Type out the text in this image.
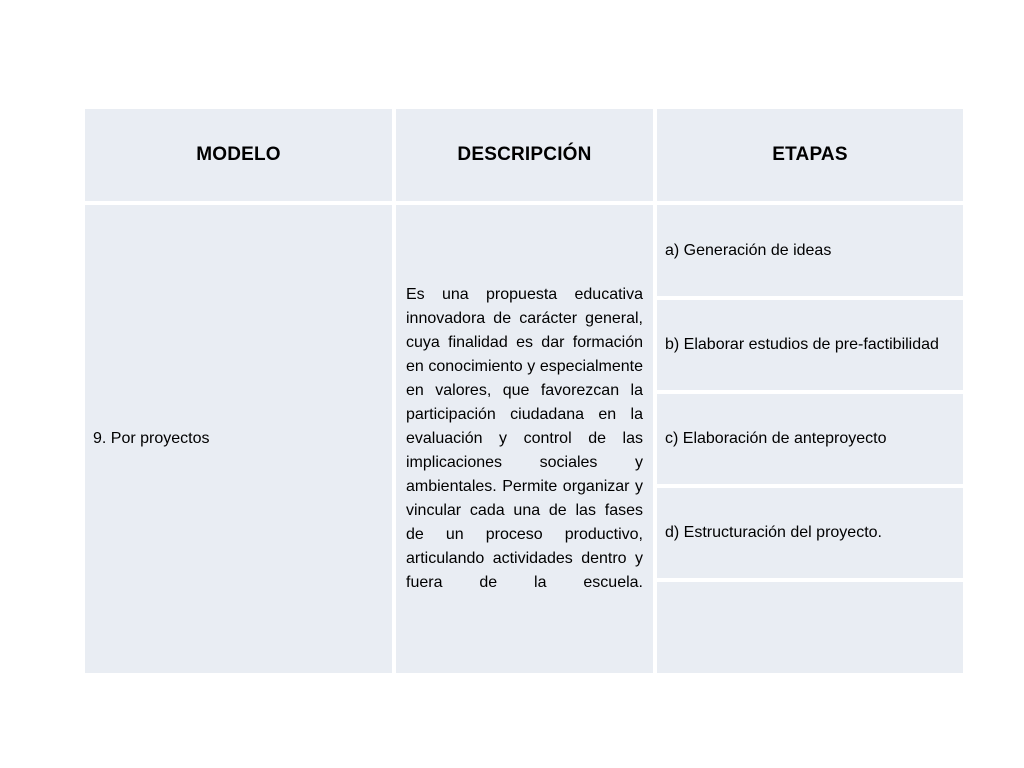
MODELO	DESCRIPCIÓN	ETAPAS
9. Por proyectos
Es una propuesta educativa innovadora de carácter general, cuya finalidad es dar formación en conocimiento y especialmente en valores, que favorezcan la participación ciudadana en la evaluación y control de las implicaciones sociales y ambientales. Permite organizar y vincular cada una de las fases de un proceso productivo, articulando actividades dentro y fuera de la escuela.
a) Generación de ideas
b) Elaborar estudios de pre-factibilidad
c) Elaboración de anteproyecto
d) Estructuración del proyecto.
